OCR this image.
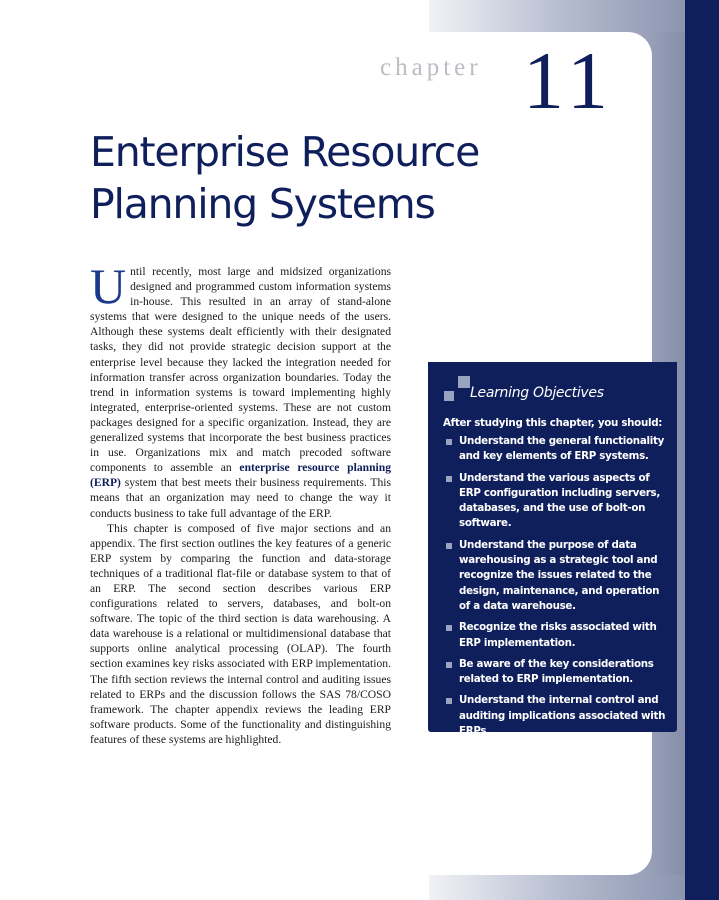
chapter 11
Enterprise Resource
Planning Systems

Until recently, most large and midsized organizations designed and programmed custom information systems in-house. This resulted in an array of stand-alone systems that were designed to the unique needs of the users. Although these systems dealt efficiently with their designated tasks, they did not provide strategic decision support at the enterprise level because they lacked the integration needed for information transfer across organization boundaries. Today the trend in information systems is toward implementing highly integrated, enterprise-oriented systems. These are not custom packages designed for a specific organization. Instead, they are generalized systems that incorporate the best business practices in use. Organizations mix and match precoded software components to assemble an enterprise resource planning (ERP) system that best meets their business requirements. This means that an organization may need to change the way it conducts business to take full advantage of the ERP.

This chapter is composed of five major sections and an appendix. The first section outlines the key features of a generic ERP system by comparing the function and data-storage techniques of a traditional flat-file or database system to that of an ERP. The second section describes various ERP configurations related to servers, databases, and bolt-on software. The topic of the third section is data warehousing. A data warehouse is a relational or multidimensional database that supports online analytical processing (OLAP). The fourth section examines key risks associated with ERP implementation. The fifth section reviews the internal control and auditing issues related to ERPs and the discussion follows the SAS 78/COSO framework. The chapter appendix reviews the leading ERP software products. Some of the functionality and distinguishing features of these systems are highlighted.

Learning Objectives
After studying this chapter, you should:
Understand the general functionality and key elements of ERP systems.
Understand the various aspects of ERP configuration including servers, databases, and the use of bolt-on software.
Understand the purpose of data warehousing as a strategic tool and recognize the issues related to the design, maintenance, and operation of a data warehouse.
Recognize the risks associated with ERP implementation.
Be aware of the key considerations related to ERP implementation.
Understand the internal control and auditing implications associated with ERPs.
